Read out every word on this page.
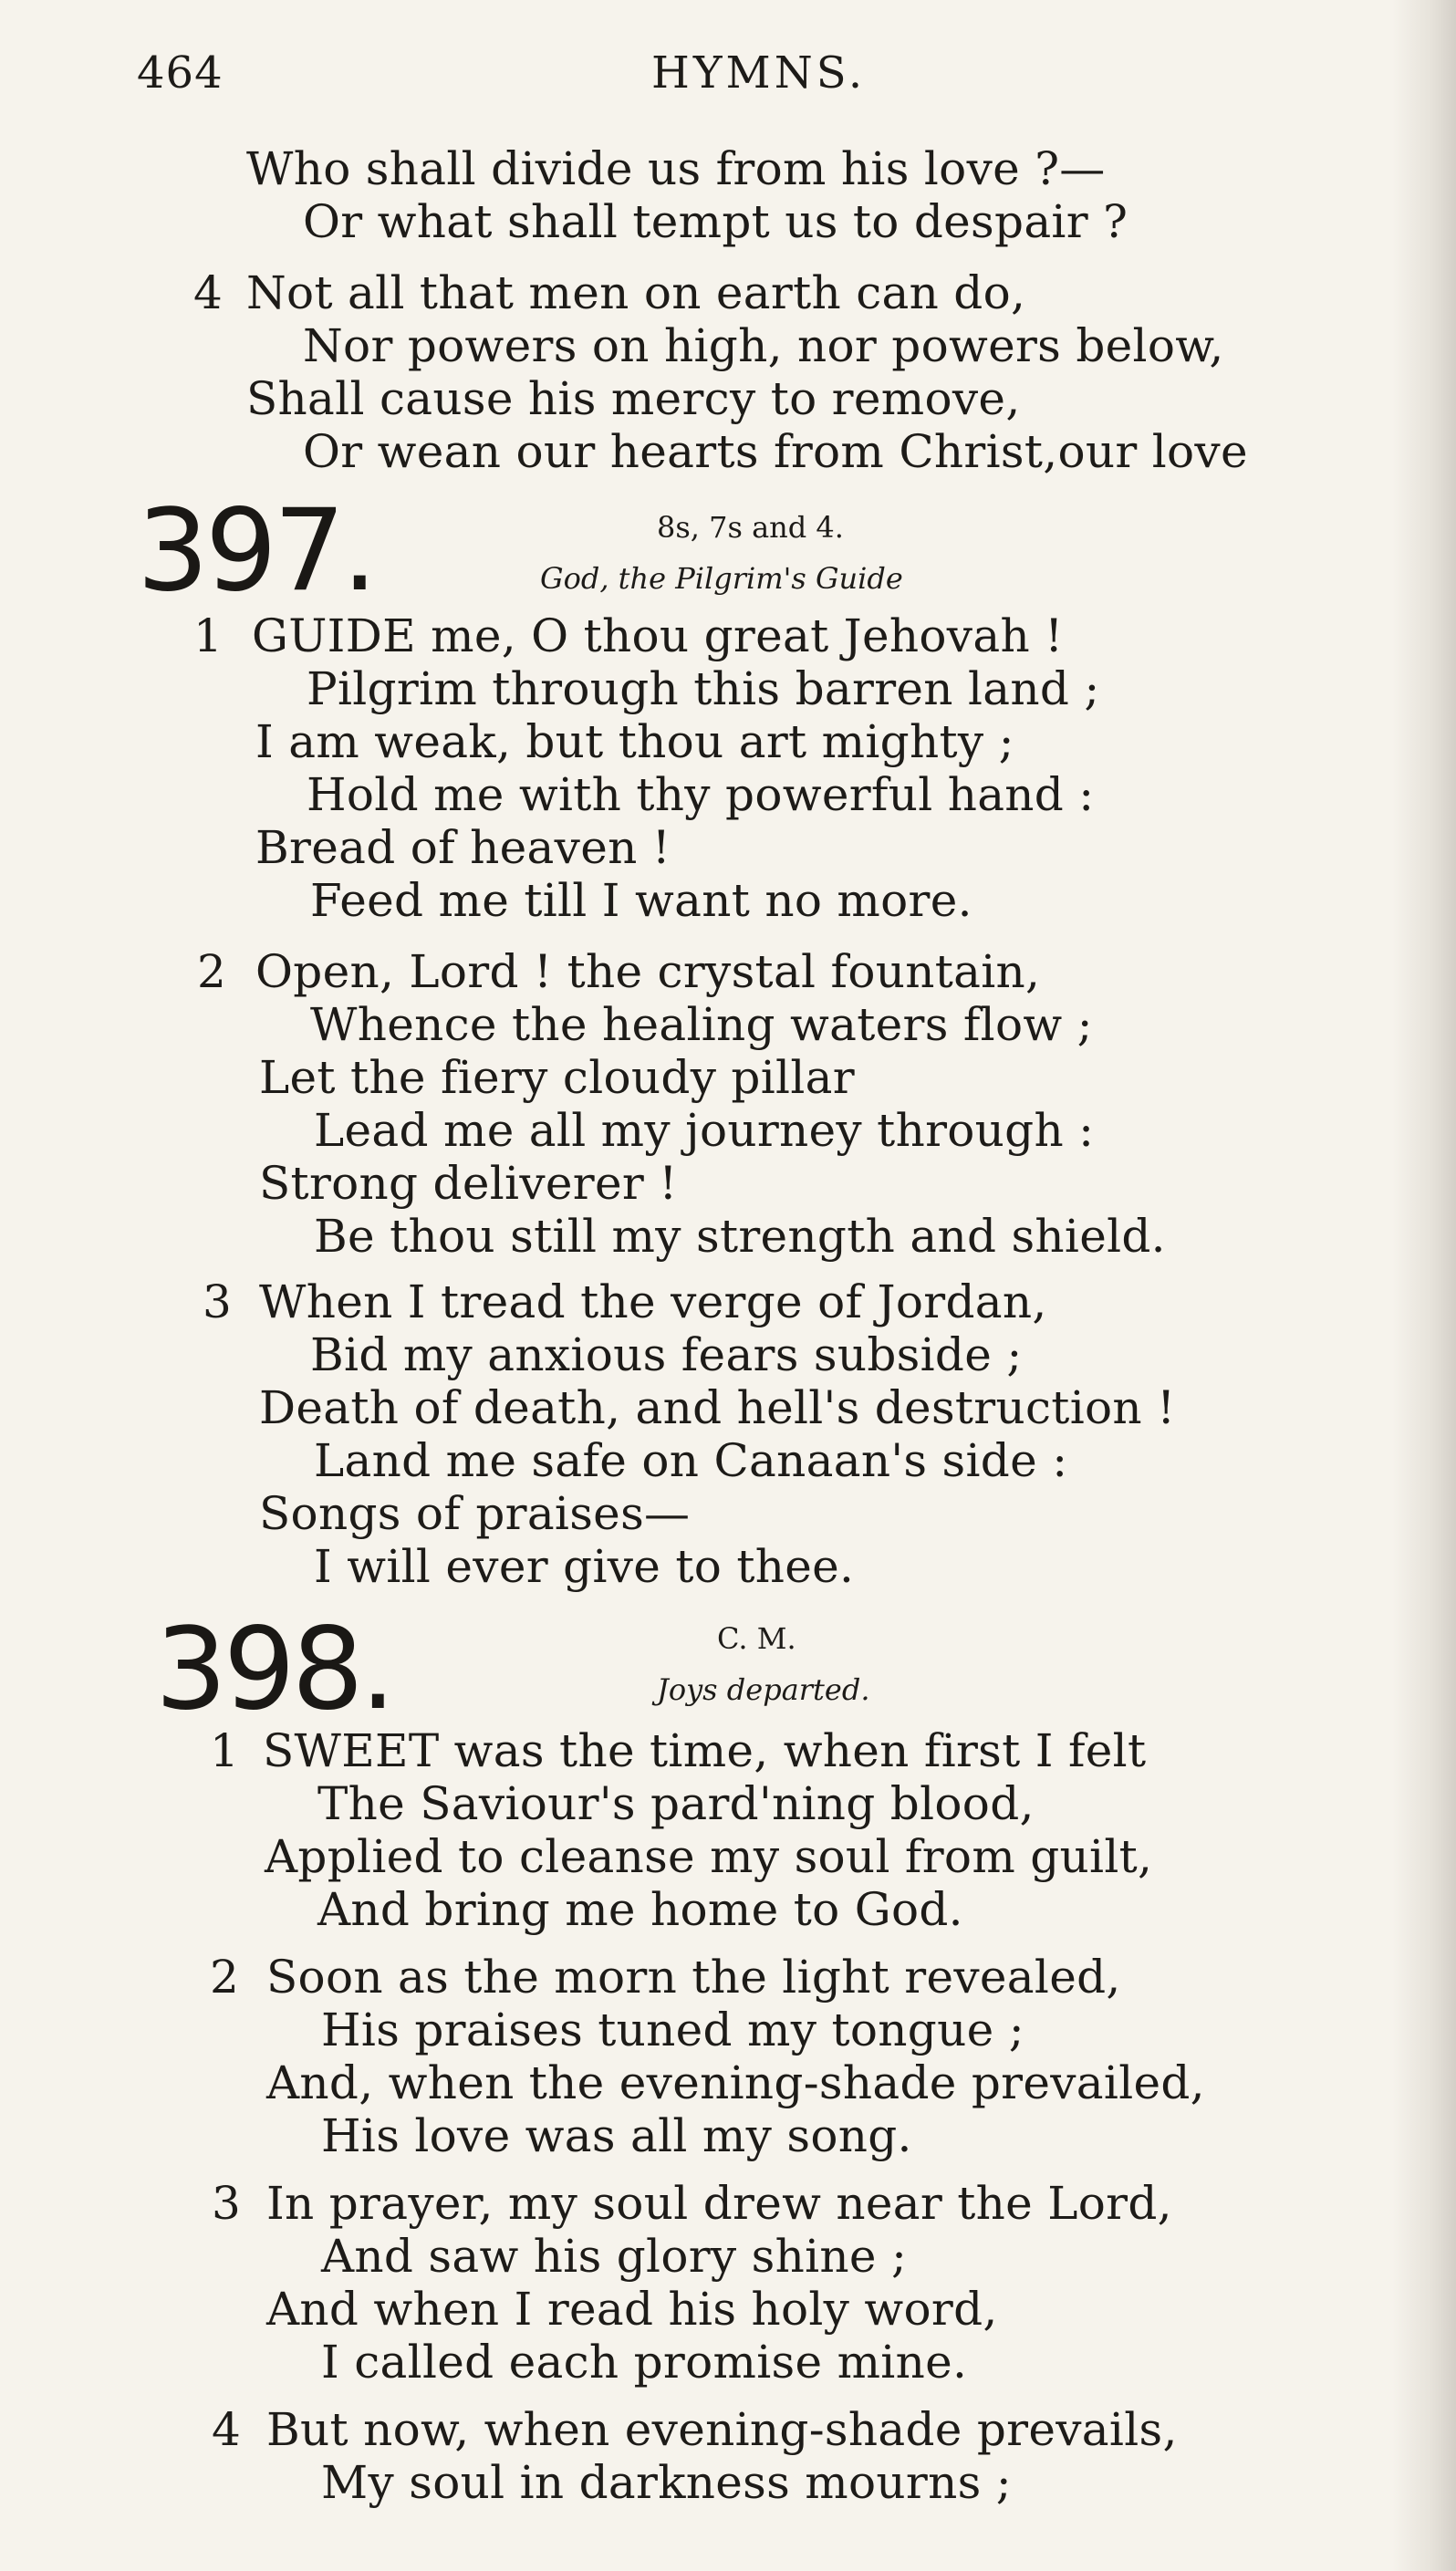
464	HYMNS.
Who shall divide us from his love ?—
Or what shall tempt us to despair ?
4 Not all that men on earth can do,
Nor powers on high, nor powers below,
Shall cause his mercy to remove,
Or wean our hearts from Christ,our love
397.	8s, 7s and 4.
God, the Pilgrim's Guide
1 GUIDE me, O thou great Jehovah !
Pilgrim through this barren land ;
I am weak, but thou art mighty ;
Hold me with thy powerful hand :
Bread of heaven !
Feed me till I want no more.
2 Open, Lord ! the crystal fountain,
Whence the healing waters flow ;
Let the fiery cloudy pillar
Lead me all my journey through :
Strong deliverer !
Be thou still my strength and shield.
3 When I tread the verge of Jordan,
Bid my anxious fears subside ;
Death of death, and hell's destruction !
Land me safe on Canaan's side :
Songs of praises—
I will ever give to thee.
398.	C. M.
Joys departed.
1 SWEET was the time, when first I felt
The Saviour's pard'ning blood,
Applied to cleanse my soul from guilt,
And bring me home to God.
2 Soon as the morn the light revealed,
His praises tuned my tongue ;
And, when the evening-shade prevailed,
His love was all my song.
3 In prayer, my soul drew near the Lord,
And saw his glory shine ;
And when I read his holy word,
I called each promise mine.
4 But now, when evening-shade prevails,
My soul in darkness mourns ;
